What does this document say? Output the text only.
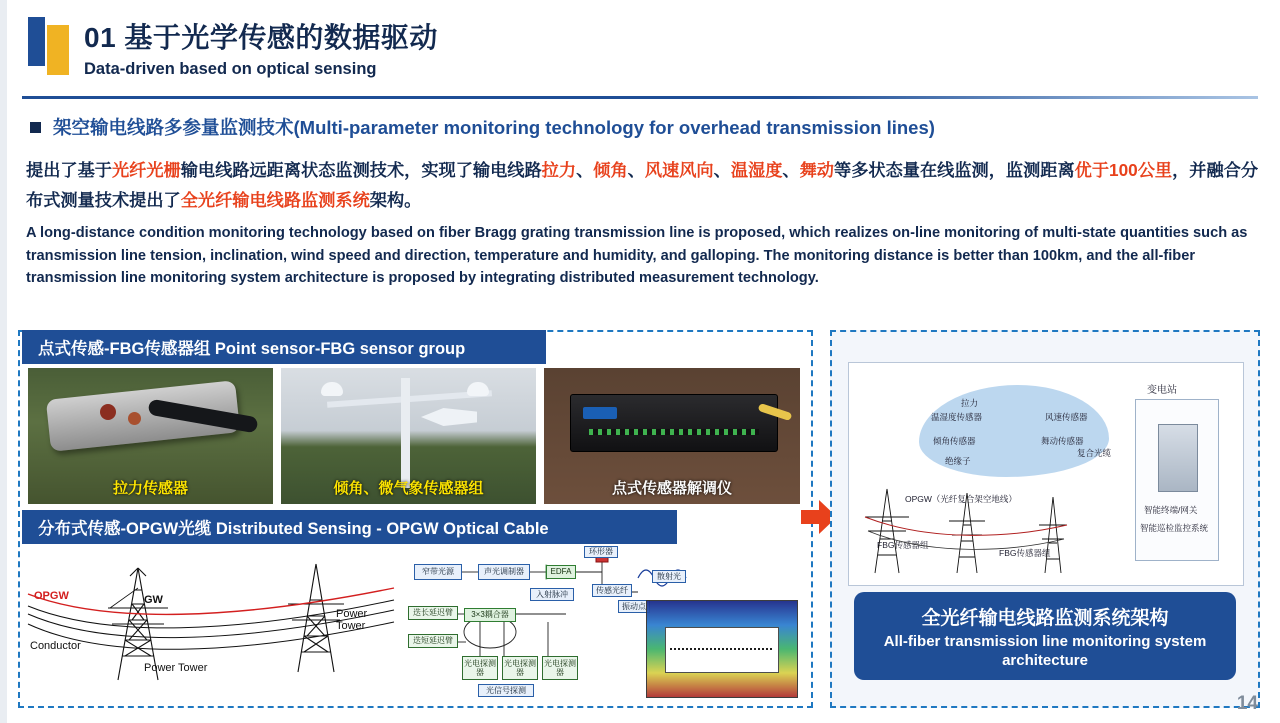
01 基于光学传感的数据驱动
Data-driven based on optical sensing
架空输电线路多参量监测技术(Multi-parameter monitoring technology for overhead transmission lines)
提出了基于光纤光栅输电线路远距离状态监测技术，实现了输电线路拉力、倾角、风速风向、温湿度、舞动等多状态量在线监测，监测距离优于100公里，并融合分布式测量技术提出了全光纤输电线路监测系统架构。
A long-distance condition monitoring technology based on fiber Bragg grating transmission line is proposed, which realizes on-line monitoring of multi-state quantities such as transmission line tension, inclination, wind speed and direction, temperature and humidity, and galloping. The monitoring distance is better than 100km, and the all-fiber transmission line monitoring system architecture is proposed by integrating distributed measurement technology.
点式传感-FBG传感器组 Point sensor-FBG sensor group
拉力传感器	倾角、微气象传感器组	点式传感器解调仪
分布式传感-OPGW光缆 Distributed Sensing - OPGW Optical Cable
OPGW	GW
Conductor
Power Tower
Power Tower
窄带光源	声光调制器	EDFA
环形器
入射脉冲	传感光纤
散射光
振动点
3×3耦合器
迭长延迟臂
迭短延迟臂
光电探测器
光电探测器
光电探测器
光信号探测
拉力
温湿度传感器	风速传感器
倾角传感器	舞动传感器
绝缘子
复合光缆
OPGW（光纤复合架空地线）
FBG传感器组
FBG传感器组
智能终端/网关
智能巡检监控系统
变电站
全光纤输电线路监测系统架构
All-fiber transmission line monitoring system architecture
14
